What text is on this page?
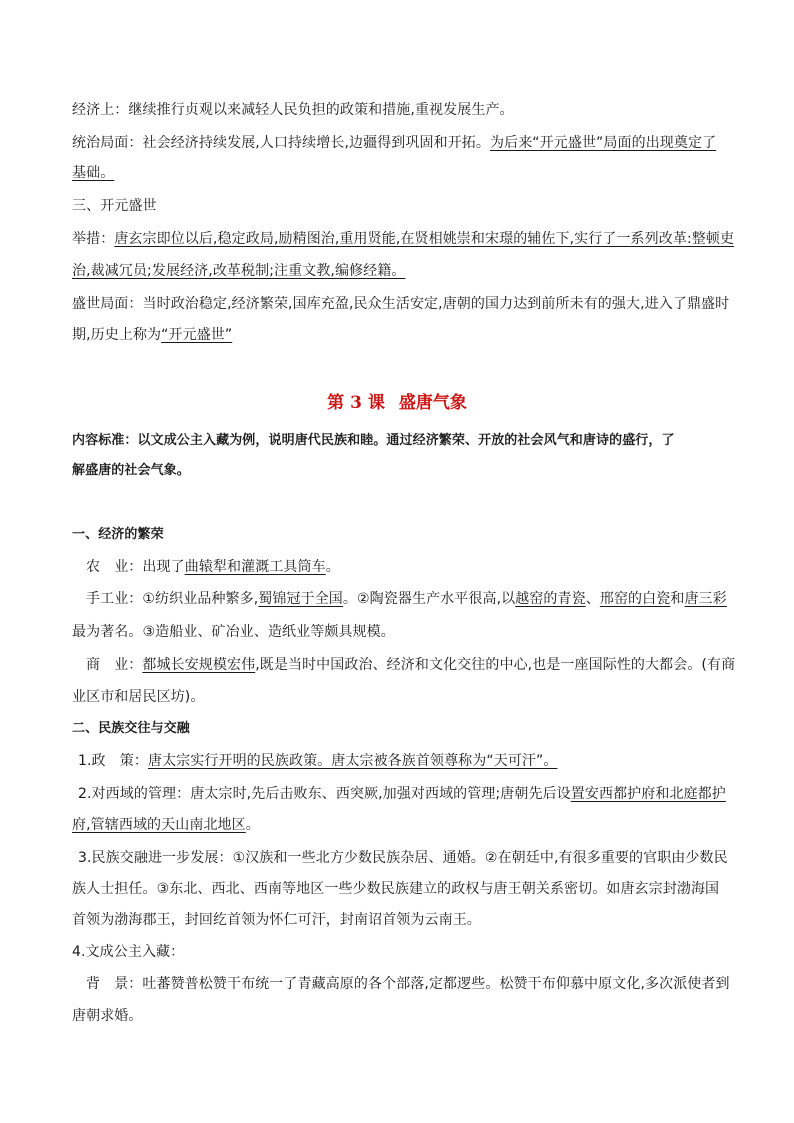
经济上：继续推行贞观以来减轻人民负担的政策和措施,重视发展生产。
统治局面：社会经济持续发展,人口持续增长,边疆得到巩固和开拓。为后来“开元盛世”局面的出现奠定了
基础。
三、开元盛世
举措：唐玄宗即位以后,稳定政局,励精图治,重用贤能,在贤相姚崇和宋璟的辅佐下,实行了一系列改革:整顿吏
治,裁减冗员;发展经济,改革税制;注重文教,编修经籍。
盛世局面：当时政治稳定,经济繁荣,国库充盈,民众生活安定,唐朝的国力达到前所未有的强大,进入了鼎盛时
期,历史上称为“开元盛世”
第 3 课 盛唐气象
内容标准：以文成公主入藏为例，说明唐代民族和睦。通过经济繁荣、开放的社会风气和唐诗的盛行，了
解盛唐的社会气象。
一、经济的繁荣
农　业：出现了曲辕犁和灌溉工具筒车。
手工业：①纺织业品种繁多,蜀锦冠于全国。②陶瓷器生产水平很高,以越窑的青瓷、邢窑的白瓷和唐三彩
最为著名。③造船业、矿冶业、造纸业等颇具规模。
商　业：都城长安规模宏伟,既是当时中国政治、经济和文化交往的中心,也是一座国际性的大都会。(有商
业区市和居民区坊)。
二、民族交往与交融
1.政　策：唐太宗实行开明的民族政策。唐太宗被各族首领尊称为“天可汗”。
2.对西域的管理：唐太宗时,先后击败东、西突厥,加强对西域的管理;唐朝先后设置安西都护府和北庭都护
府,管辖西域的天山南北地区。
3.民族交融进一步发展：①汉族和一些北方少数民族杂居、通婚。②在朝廷中,有很多重要的官职由少数民
族人士担任。③东北、西北、西南等地区一些少数民族建立的政权与唐王朝关系密切。如唐玄宗封渤海国
首领为渤海郡王，封回纥首领为怀仁可汗，封南诏首领为云南王。
4.文成公主入藏：
背　景：吐蕃赞普松赞干布统一了青藏高原的各个部落,定都逻些。松赞干布仰慕中原文化,多次派使者到
唐朝求婚。
